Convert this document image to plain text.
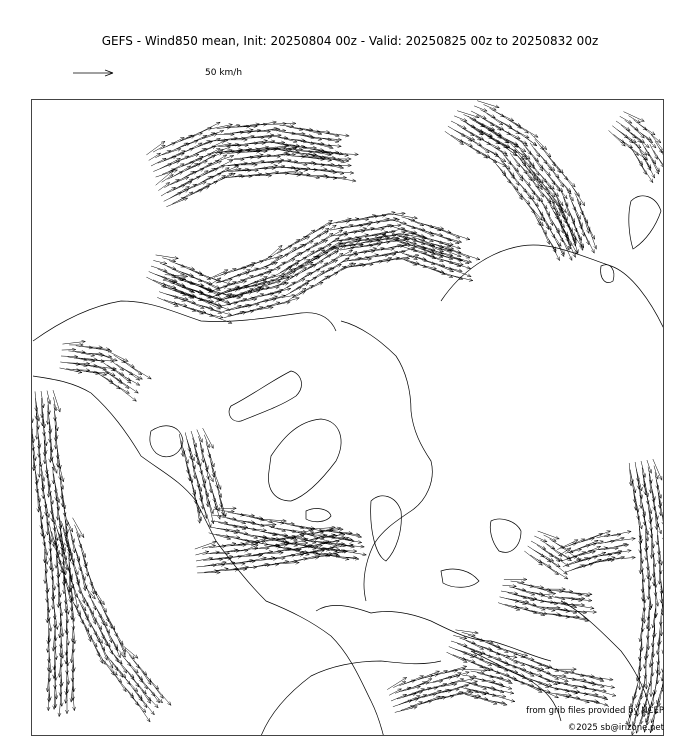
GEFS - Wind850 mean, Init: 20250804 00z - Valid: 20250825 00z to 20250832 00z
50 km/h
from grib files provided by NCEP
©2025 sb@irizone.net
